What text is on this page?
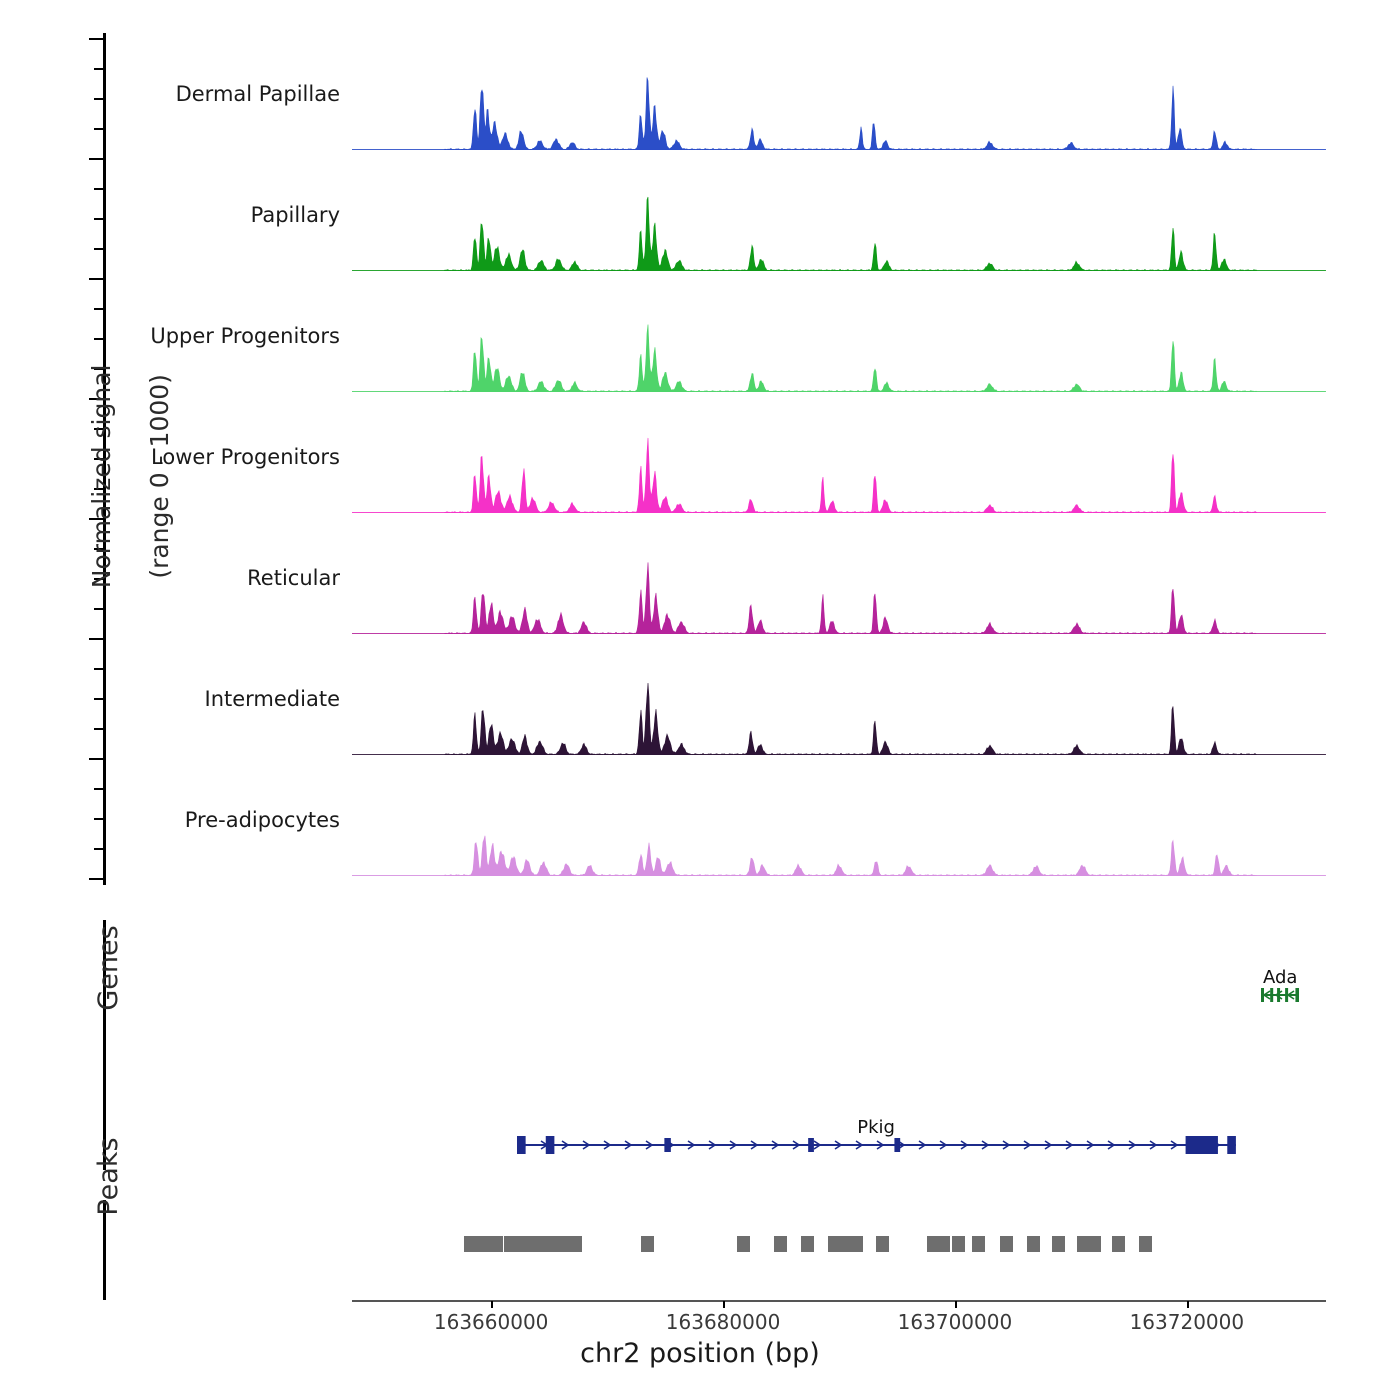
Normalized signal (range 0 - 1000)

Dermal Papillae
Papillary
Upper Progenitors
Lower Progenitors
Reticular
Intermediate
Pre-adipocytes

Genes
	Ada
Pkig

Peaks

163660000	163680000	163700000	163720000
chr2 position (bp)
